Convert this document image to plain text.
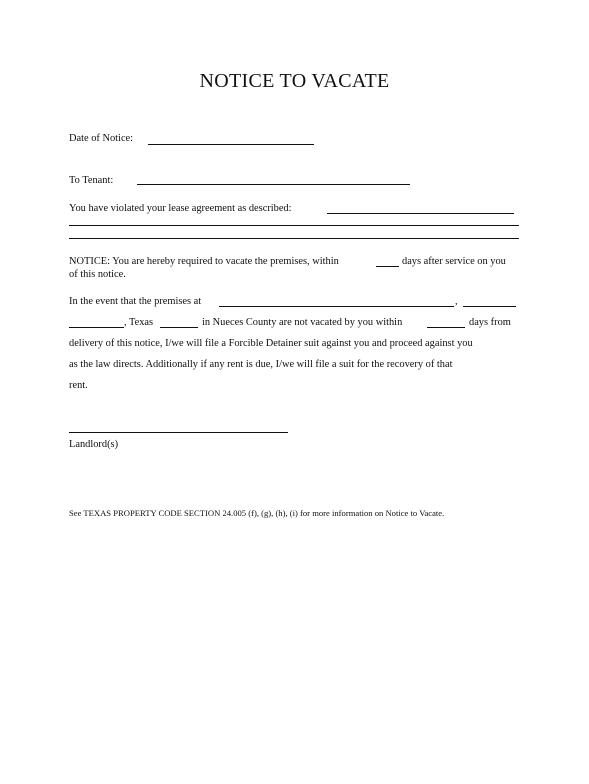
NOTICE TO VACATE
Date of Notice:
To Tenant:
You have violated your lease agreement as described:
NOTICE: You are hereby required to vacate the premises, within	days after service on you
of this notice.
In the event that the premises at	,
, Texas	in Nueces County are not vacated by you within	days from
delivery of this notice, I/we will file a Forcible Detainer suit against you and proceed against you
as the law directs. Additionally if any rent is due, I/we will file a suit for the recovery of that
rent.
Landlord(s)
See TEXAS PROPERTY CODE SECTION 24.005 (f), (g), (h), (i) for more information on Notice to Vacate.
